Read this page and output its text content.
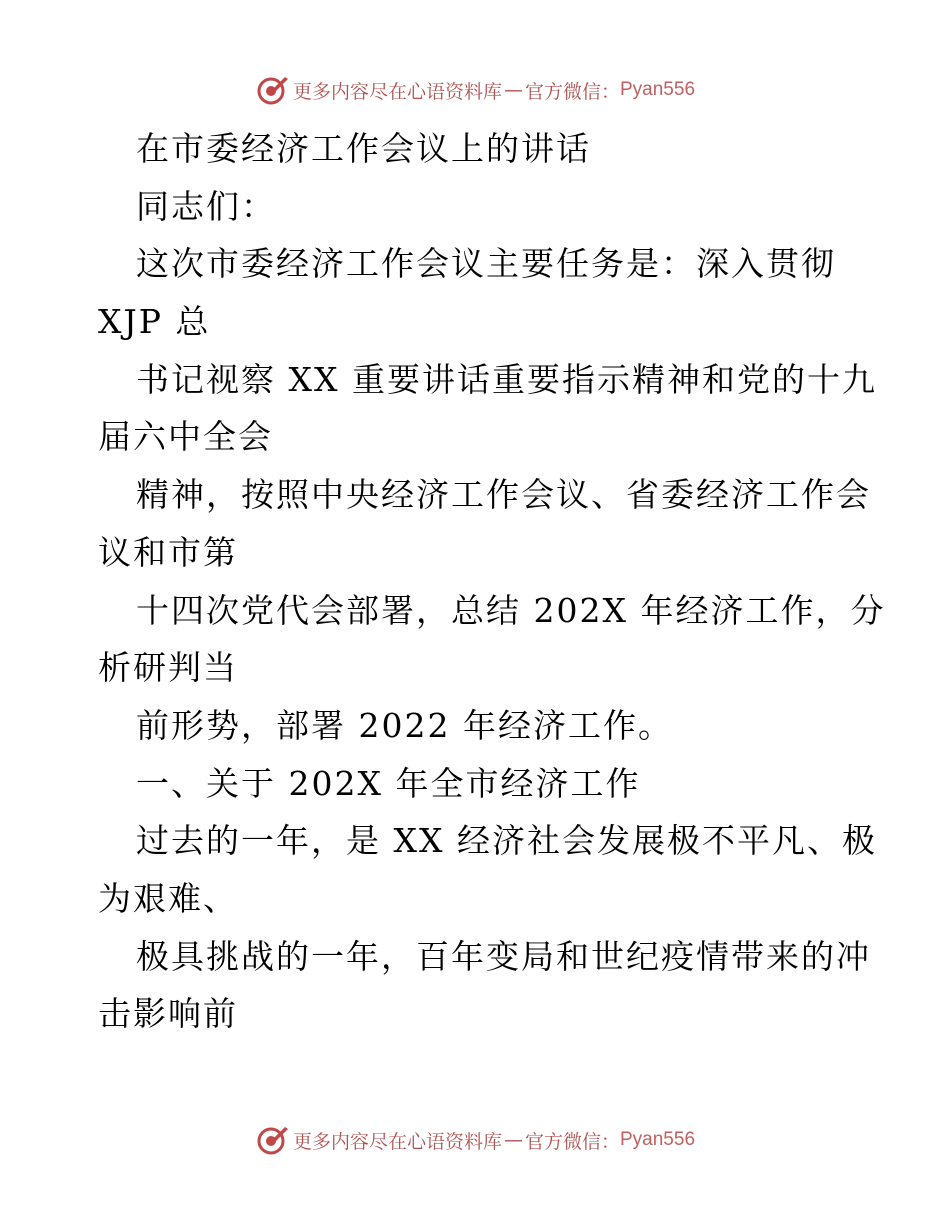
更多内容尽在心语资料库 — 官方微信： Pyan556
在市委经济工作会议上的讲话
同志们：
这次市委经济工作会议主要任务是：深入贯彻
XJP 总
书记视察 XX 重要讲话重要指示精神和党的十九
届六中全会
精神，按照中央经济工作会议、省委经济工作会
议和市第
十四次党代会部署，总结 202X 年经济工作，分
析研判当
前形势，部署 2022 年经济工作。
一、关于 202X 年全市经济工作
过去的一年，是 XX 经济社会发展极不平凡、极
为艰难、
极具挑战的一年，百年变局和世纪疫情带来的冲
击影响前
更多内容尽在心语资料库 — 官方微信： Pyan556
